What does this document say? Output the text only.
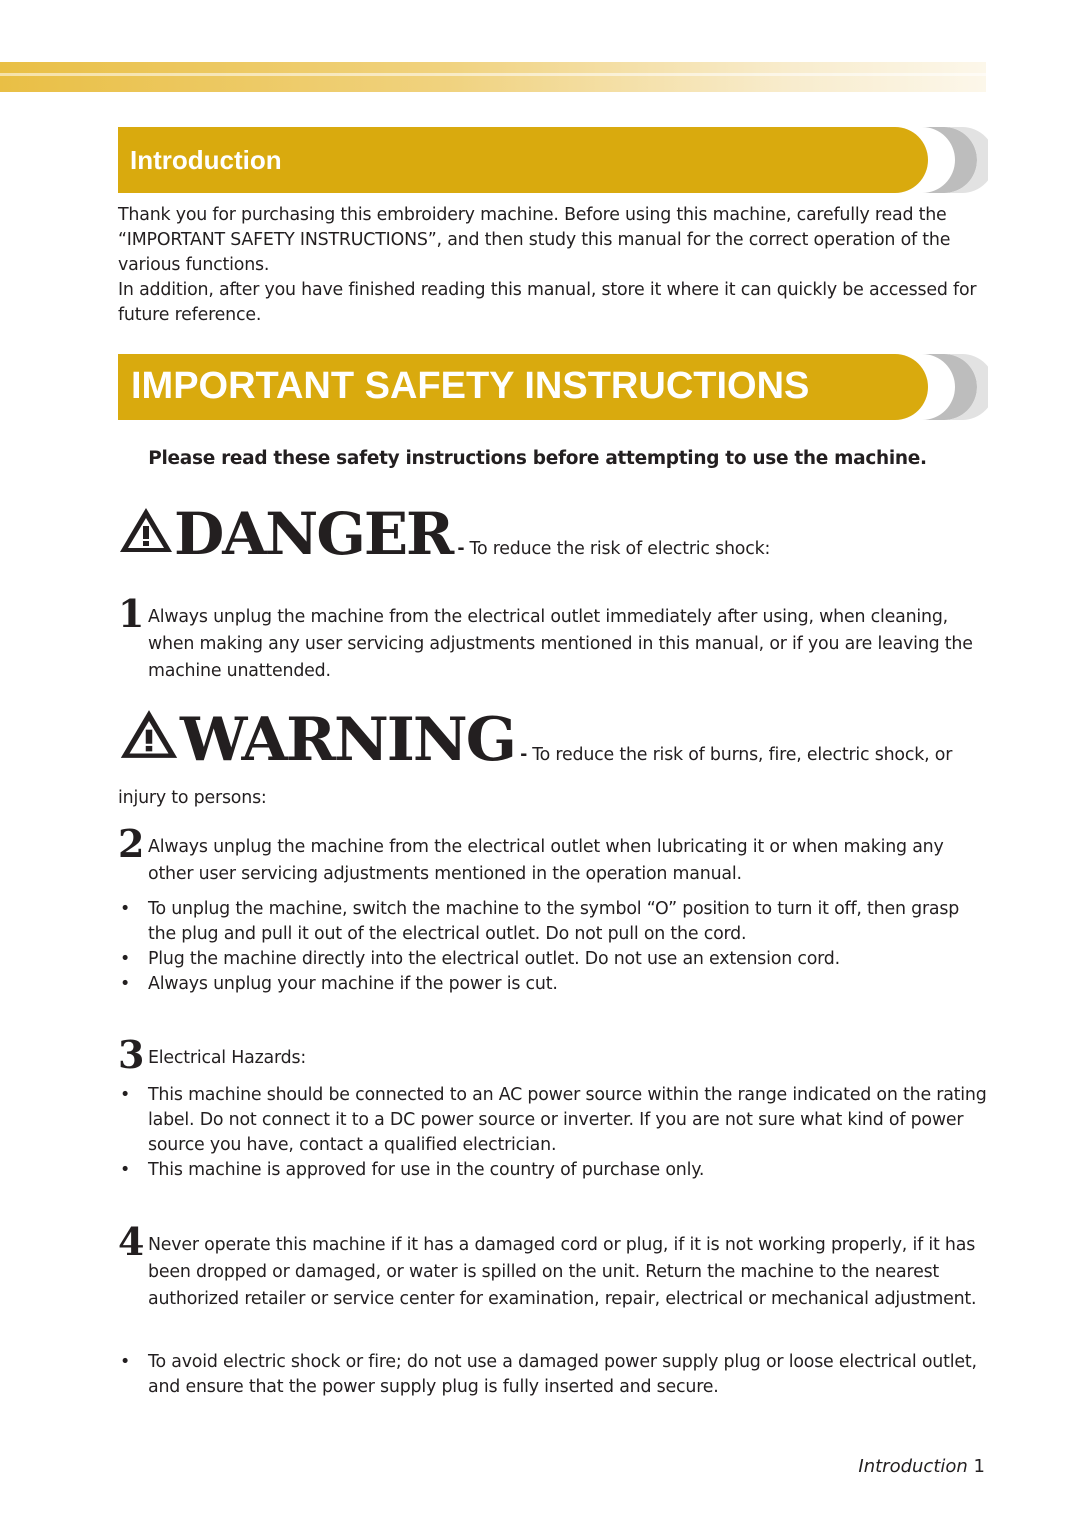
Introduction

Thank you for purchasing this embroidery machine. Before using this machine, carefully read the “IMPORTANT SAFETY INSTRUCTIONS”, and then study this manual for the correct operation of the various functions.

In addition, after you have finished reading this manual, store it where it can quickly be accessed for future reference.

IMPORTANT SAFETY INSTRUCTIONS
Please read these safety instructions before attempting to use the machine.
DANGER - To reduce the risk of electric shock:
1 Always unplug the machine from the electrical outlet immediately after using, when cleaning, when making any user servicing adjustments mentioned in this manual, or if you are leaving the machine unattended.
WARNING - To reduce the risk of burns, fire, electric shock, or
injury to persons:
2 Always unplug the machine from the electrical outlet when lubricating it or when making any other user servicing adjustments mentioned in the operation manual.
• To unplug the machine, switch the machine to the symbol “O” position to turn it off, then grasp the plug and pull it out of the electrical outlet. Do not pull on the cord.
• Plug the machine directly into the electrical outlet. Do not use an extension cord.
• Always unplug your machine if the power is cut.
3 Electrical Hazards:
• This machine should be connected to an AC power source within the range indicated on the rating label. Do not connect it to a DC power source or inverter. If you are not sure what kind of power source you have, contact a qualified electrician.
• This machine is approved for use in the country of purchase only.
4 Never operate this machine if it has a damaged cord or plug, if it is not working properly, if it has been dropped or damaged, or water is spilled on the unit. Return the machine to the nearest authorized retailer or service center for examination, repair, electrical or mechanical adjustment.
• To avoid electric shock or fire; do not use a damaged power supply plug or loose electrical outlet, and ensure that the power supply plug is fully inserted and secure.
Introduction 1
